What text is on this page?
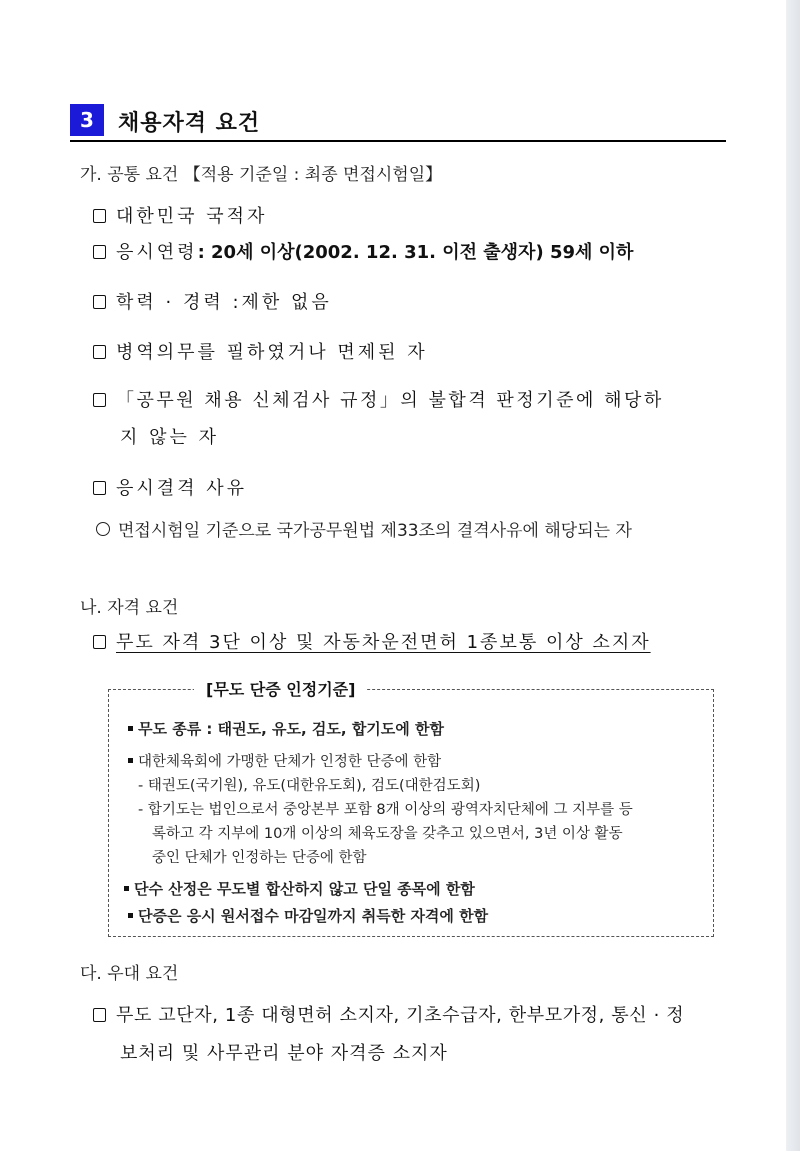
3	채용자격 요건
가. 공통 요건 【적용 기준일 : 최종 면접시험일】
대한민국 국적자
응시연령: 20세 이상(2002. 12. 31. 이전 출생자) 59세 이하
학력 · 경력 :제한 없음
병역의무를 필하였거나 면제된 자
「공무원 채용 신체검사 규정」의 불합격 판정기준에 해당하
지 않는 자
응시결격 사유
면접시험일 기준으로 국가공무원법 제33조의 결격사유에 해당되는 자
나. 자격 요건
무도 자격 3단 이상 및 자동차운전면허 1종보통 이상 소지자
[무도 단증 인정기준]
무도 종류 : 태권도, 유도, 검도, 합기도에 한함
대한체육회에 가맹한 단체가 인정한 단증에 한함
- 태권도(국기원), 유도(대한유도회), 검도(대한검도회)
- 합기도는 법인으로서 중앙본부 포함 8개 이상의 광역자치단체에 그 지부를 등
록하고 각 지부에 10개 이상의 체육도장을 갖추고 있으면서, 3년 이상 활동
중인 단체가 인정하는 단증에 한함
단수 산정은 무도별 합산하지 않고 단일 종목에 한함
단증은 응시 원서접수 마감일까지 취득한 자격에 한함
다. 우대 요건
무도 고단자, 1종 대형면허 소지자, 기초수급자, 한부모가정, 통신 · 정
보처리 및 사무관리 분야 자격증 소지자
